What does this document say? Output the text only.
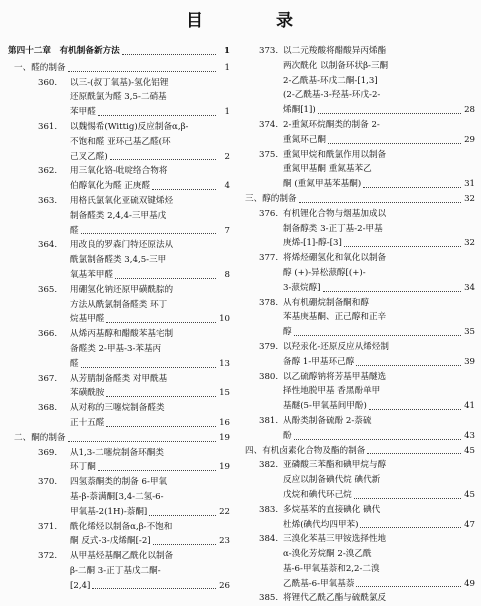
目	录
第四十二章　有机制备新方法	1
一、醛的制备	1
360.	以三-(叔丁氧基)-氢化铝锂
还原酰氯为醛 3,5-二硝基
苯甲醛	1
361.	以魏惕希(Wittig)反应制备α,β-
不饱和醛 亚环己基乙醛(环
己叉乙醛)	2
362.	用三氧化铬-吡啶络合物将
伯醇氧化为醛 正庚醛	4
363.	用格氏氯氧化亚硫双键烯烃
制备醛类 2,4,4-三甲基戊
醛	7
364.	用改良的罗森门特还原法从
酰氯制备醛类 3,4,5-三甲
氧基苯甲醛	8
365.	用硼氢化钠还原甲磺酰腙的
方法从酰氯制备醛类 环丁
烷基甲醛	10
366.	从烯丙基醇和醋酸苯基宅制
备醛类 2-甲基-3-苯基丙
醛	13
367.	从芳腈制备醛类 对甲酰基
苯磺酰胺	15
368.	从对称的三噻烷制备醛类
正十五醛	16
二、酮的制备	19
369.	从1,3-二噻烷制备环酮类
环丁酮	19
370.	四氢萘酮类的制备 6-甲氧
基-β-萘满酮[3,4-二氢-6-
甲氧基-2(1H)-萘酮]	22
371.	酰化烯烃以制备α,β-不饱和
酮 反式-3-戊烯酮[-2]	23
372.	从甲基烃基酮乙酰化以制备
β-二酮 3-正丁基戊二酮-
[2,4]	26
373. 以二元羧酸将醋酸异丙烯酯
两次酰化 以制备环状β-三酮
2-乙酰基-环戊二酮-[1,3]
(2-乙酰基-3-羟基-环戊-2-
烯酮[1])	28
374. 2-重氮环烷酮类的制备 2-
重氮环己酮	29
375. 重氮甲烷和酰氯作用以制备
重氮甲基酮 重氮基苯乙
酮 (重氮甲基苯基酮)	31
三、醇的制备	32
376. 有机锂化合物与烟基加成以
制备醇类 3-正丁基-2-甲基
庚烯-[1]-醇-[3]	32
377. 将烯烃硼氢化和氧化以制备
醇 (+)-异松蒎醇[(+)-
3-蒎烷醇]	34
378. 从有机硼烷制备酮和醇
苯基庚基酮、正己醇和正辛
醇	35
379. 以羟汞化-还原反应从烯烃制
备醇 1-甲基环己醇	39
380. 以乙硫醇钠将芳基甲基醚选
择性地脱甲基 香黑酚单甲
基醚(5-甲氧基间甲酚)	41
381. 从酚类制备硫酚 2-萘硫
酚	43
四、有机卤素化合物及酯的制备	45
382. 亚磷酸三苯酯和碘甲烷与醇
反应以制备碘代烷 碘代新
戊烷和碘代环己烷	45
383. 多烷基苯的直接碘化 碘代
杜烯(碘代均四甲苯)	47
384. 三溴化苯基三甲铵选择性地
α-溴化芳烷酮 2-溴乙酰
基-6-甲氧基萘和2,2-二溴
乙酰基-6-甲氧基萘	49
385. 将锂代乙酰乙酯与硫酰氯反
